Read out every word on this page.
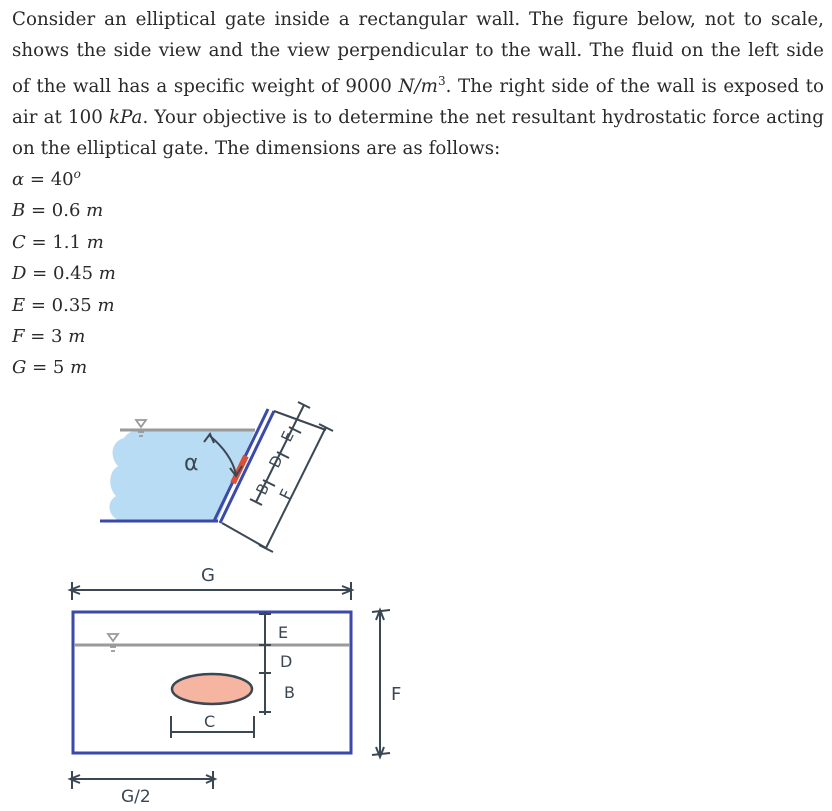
Consider an elliptical gate inside a rectangular wall. The figure below, not to scale, shows the side view and the view perpendicular to the wall. The fluid on the left side of the wall has a specific weight of 9000 $N/m^3$. The right side of the wall is exposed to air at 100 kPa. Your objective is to determine the net resultant hydrostatic force acting on the elliptical gate. The dimensions are as follows:
$\alpha = 40^o$
B = 0.6 m
C = 1.1 m
D = 0.45 m
E = 0.35 m
F = 3 m
G = 5 m
α
B
D
E
F
G
E
D
B
C
F
G/2
